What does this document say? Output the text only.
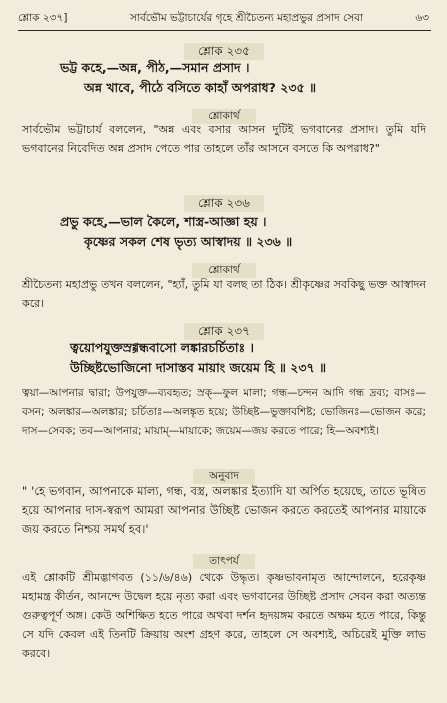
শ্লোক ২৩৭]	সার্বভৌম ভট্টাচার্যের গৃহে শ্রীচৈতন্য মহাপ্রভুর প্রসাদ সেবা	৬৩
শ্লোক ২৩৫
ভট্ট কহে,—অন্ন, পীঠ,—সমান প্রসাদ ।
অন্ন খাবে, পীঠে বসিতে কাহাঁ অপরাধ? ২৩৫ ॥
শ্লোকার্থ
সার্বভৌম ভট্টাচার্য বললেন, "অন্ন এবং বসার আসন দুটিই ভগবানের প্রসাদ। তুমি যদি ভগবানের নিবেদিত অন্ন প্রসাদ পেতে পার তাহলে তাঁর আসনে বসতে কি অপরাধ?"
শ্লোক ২৩৬
প্রভু কহে,—ভাল কৈলে, শাস্ত্র-আজ্ঞা হয় ।
কৃষ্ণের সকল শেষ ভৃত্য আস্বাদয় ॥ ২৩৬ ॥
শ্লোকার্থ
শ্রীচৈতন্য মহাপ্রভু তখন বললেন, "হ্যাঁ, তুমি যা বলছ তা ঠিক। শ্রীকৃষ্ণের সবকিছু ভক্ত আস্বাদন করে।
শ্লোক ২৩৭
ত্বয়োপযুক্তস্রগ্গন্ধবাসো লঙ্কারচর্চিতাঃ ।
উচ্ছিষ্টভোজিনো দাসাস্তব মায়াং জয়েম হি ॥ ২৩৭ ॥
ত্বয়া—আপনার দ্বারা; উপযুক্ত—ব্যবহৃত; স্রক্—ফুল মালা; গন্ধ—চন্দন আদি গন্ধ দ্রব্য; বাসঃ—বসন; অলঙ্কার—অলঙ্কার; চর্চিতাঃ—অলঙ্কৃত হয়ে; উচ্ছিষ্ট—ভুক্তাবশিষ্ট; ভোজিনঃ—ভোজন করে; দাস—সেবক; তব—আপনার; মায়াম্—মায়াকে; জয়েম—জয় করতে পারে; হি—অবশ্যই।
অনুবাদ
" 'হে ভগবান, আপনাকে মাল্য, গন্ধ, বস্ত্র, অলঙ্কার ইত্যাদি যা অর্পিত হয়েছে, তাতে ভূষিত হয়ে আপনার দাস-স্বরূপ আমরা আপনার উচ্ছিষ্ট ভোজন করতে করতেই আপনার মায়াকে জয় করতে নিশ্চয় সমর্থ হব।'
তাৎপর্য
এই শ্লোকটি শ্রীমদ্ভাগবত (১১/৬/৪৬) থেকে উদ্ধৃত। কৃষ্ণভাবনামৃত আন্দোলনে, হরেকৃষ্ণ মহামন্ত্র কীর্তন, আনন্দে উদ্বেল হয়ে নৃত্য করা এবং ভগবানের উচ্ছিষ্ট প্রসাদ সেবন করা অত্যন্ত গুরুত্বপূর্ণ অঙ্গ। কেউ অশিক্ষিত হতে পারে অথবা দর্শন হৃদয়ঙ্গম করতে অক্ষম হতে পারে, কিন্তু সে যদি কেবল এই তিনটি ক্রিয়ায় অংশ গ্রহণ করে, তাহলে সে অবশ্যই, অচিরেই মুক্তি লাভ করবে।
